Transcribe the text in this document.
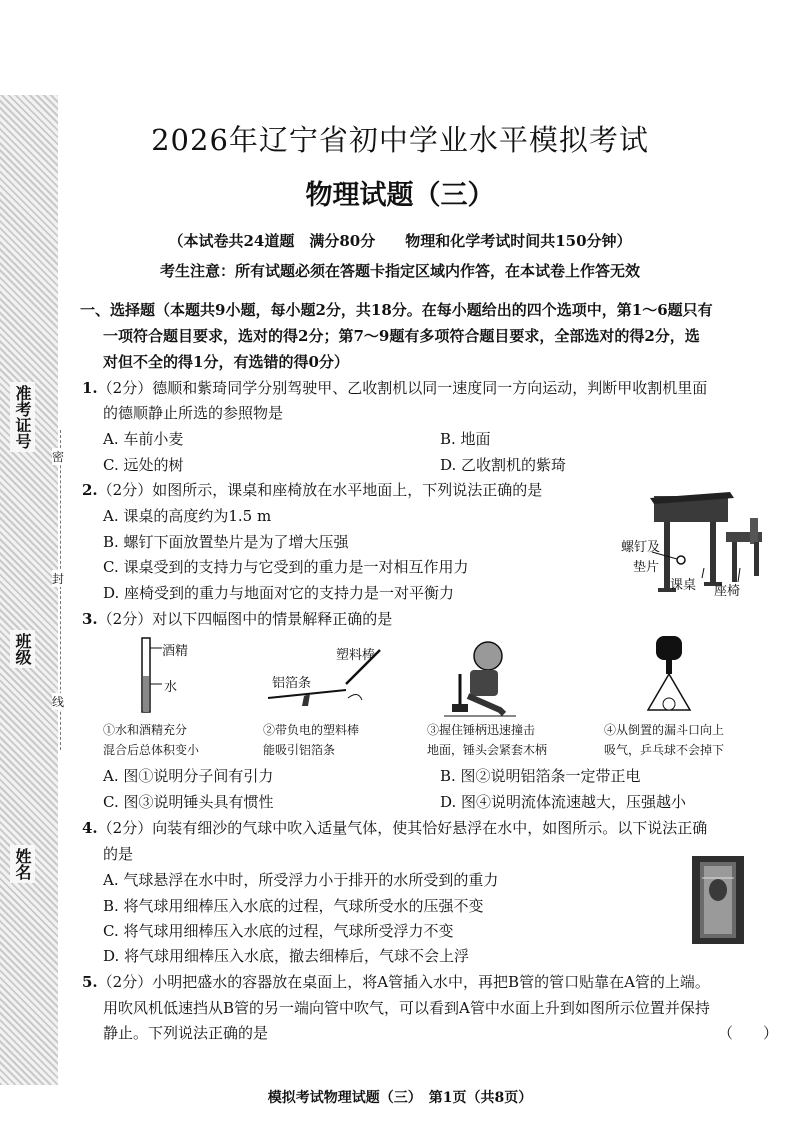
准考证号
班级
姓名
密
封
线
2026年辽宁省初中学业水平模拟考试
物理试题（三）
（本试卷共24道题　满分80分　　物理和化学考试时间共150分钟）
考生注意：所有试题必须在答题卡指定区域内作答，在本试卷上作答无效
一、选择题（本题共9小题，每小题2分，共18分。在每小题给出的四个选项中，第1～6题只有
一项符合题目要求，选对的得2分；第7～9题有多项符合题目要求，全部选对的得2分，选
对但不全的得1分，有选错的得0分）
1.（2分）德顺和紫琦同学分别驾驶甲、乙收割机以同一速度同一方向运动，判断甲收割机里面
的德顺静止所选的参照物是
A. 车前小麦	B. 地面
C. 远处的树	D. 乙收割机的紫琦
2.（2分）如图所示，课桌和座椅放在水平地面上，下列说法正确的是
A. 课桌的高度约为1.5 m
B. 螺钉下面放置垫片是为了增大压强
C. 课桌受到的支持力与它受到的重力是一对相互作用力
D. 座椅受到的重力与地面对它的支持力是一对平衡力
螺钉及
垫片
课桌 座椅
3.（2分）对以下四幅图中的情景解释正确的是
酒精
水
塑料棒
铝箔条
①水和酒精充分
混合后总体积变小
②带负电的塑料棒
能吸引铝箔条
③握住锤柄迅速撞击
地面，锤头会紧套木柄
④从倒置的漏斗口向上
吸气，乒乓球不会掉下
A. 图①说明分子间有引力	B. 图②说明铝箔条一定带正电
C. 图③说明锤头具有惯性	D. 图④说明流体流速越大，压强越小
4.（2分）向装有细沙的气球中吹入适量气体，使其恰好悬浮在水中，如图所示。以下说法正确
的是
A. 气球悬浮在水中时，所受浮力小于排开的水所受到的重力
B. 将气球用细棒压入水底的过程，气球所受水的压强不变
C. 将气球用细棒压入水底的过程，气球所受浮力不变
D. 将气球用细棒压入水底，撤去细棒后，气球不会上浮
5.（2分）小明把盛水的容器放在桌面上，将A管插入水中，再把B管的管口贴靠在A管的上端。
用吹风机低速挡从B管的另一端向管中吹气，可以看到A管中水面上升到如图所示位置并保持
静止。下列说法正确的是	（　　）
模拟考试物理试题（三）　第1页（共8页）
